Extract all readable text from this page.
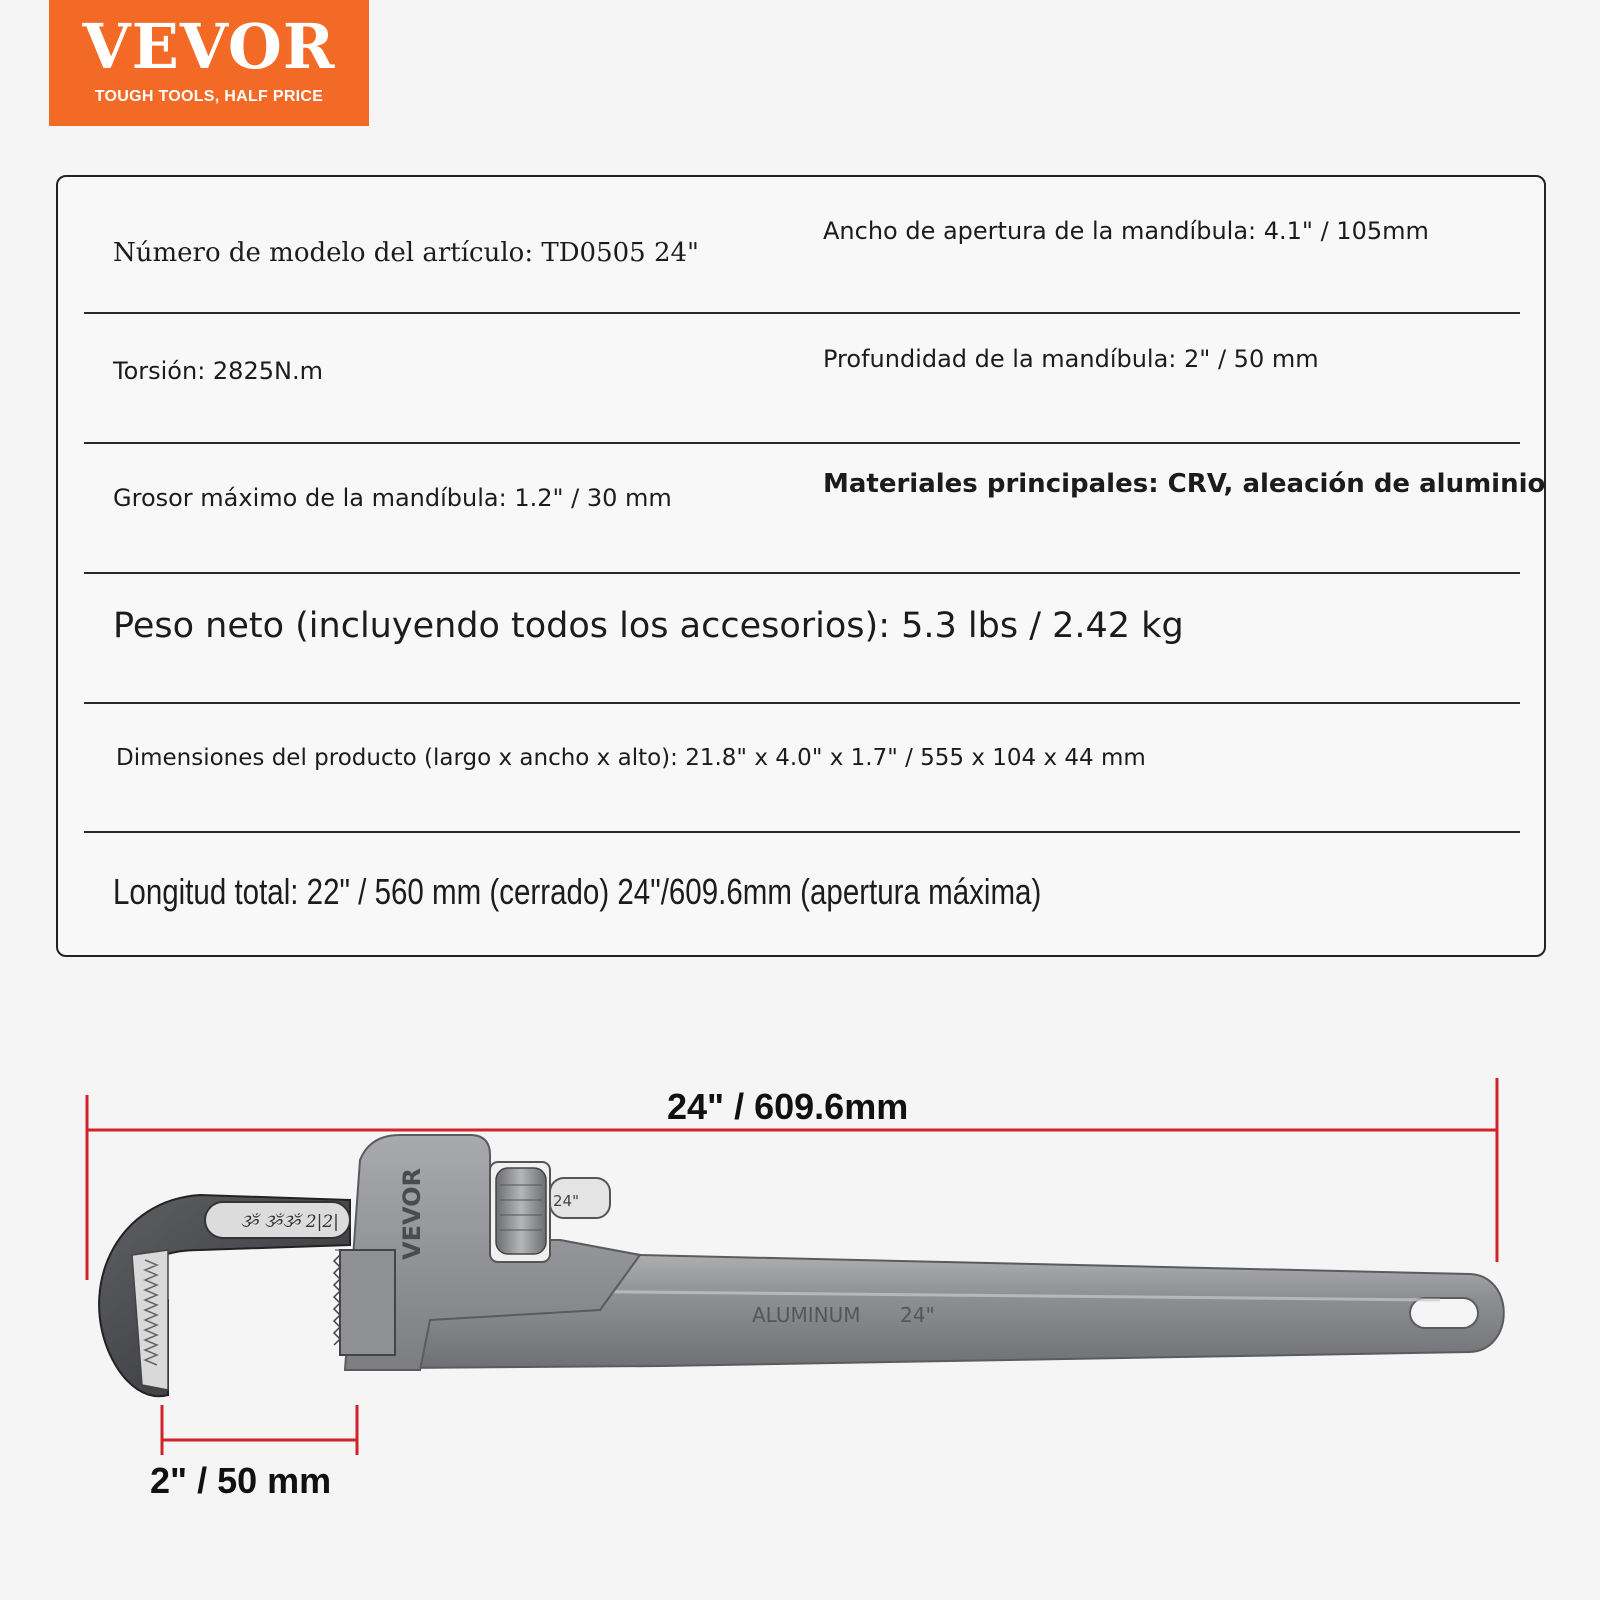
VEVOR
TOUGH TOOLS, HALF PRICE
Número de modelo del artículo: TD0505 24"
Ancho de apertura de la mandíbula: 4.1" / 105mm
Torsión: 2825N.m	Profundidad de la mandíbula: 2" / 50 mm
Grosor máximo de la mandíbula: 1.2" / 30 mm	Materiales principales: CRV, aleación de aluminio
Peso neto (incluyendo todos los accesorios): 5.3 lbs / 2.42 kg
Dimensiones del producto (largo x ancho x alto): 21.8" x 4.0" x 1.7" / 555 x 104 x 44 mm
Longitud total: 22" / 560 mm (cerrado) 24"/609.6mm (apertura máxima)
ૐ ૐૐ 2|2| VEVOR
ALUMINUM 24"
24"
24" / 609.6mm
2" / 50 mm
